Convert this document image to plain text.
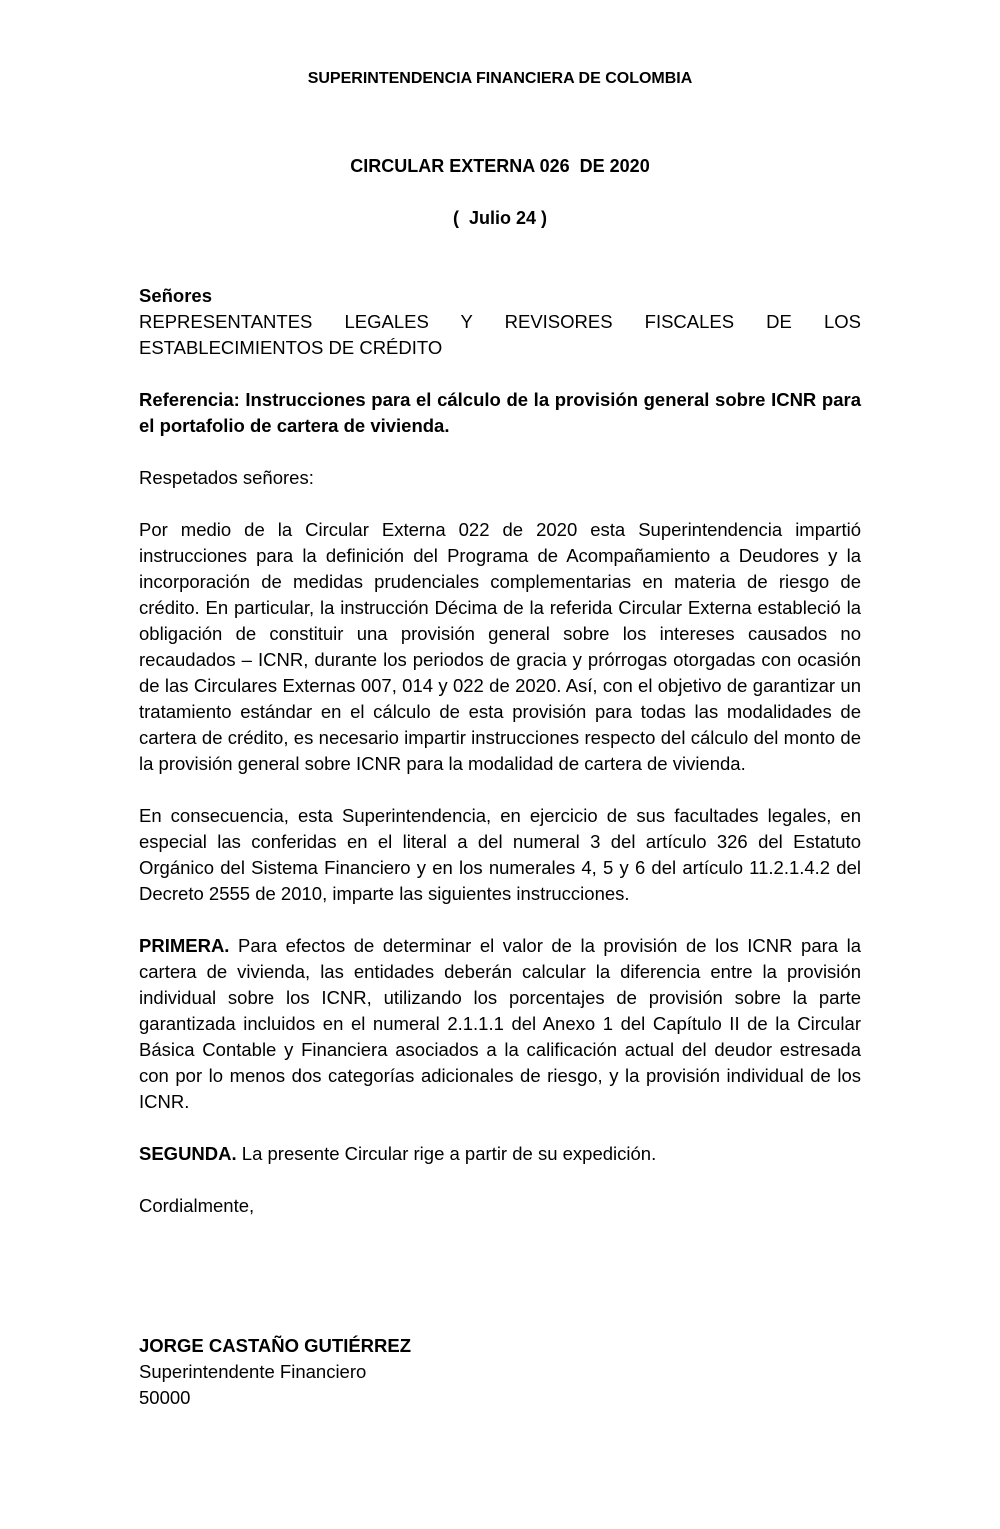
SUPERINTENDENCIA FINANCIERA DE COLOMBIA
CIRCULAR EXTERNA 026  DE 2020
(  Julio 24 )

Señores

REPRESENTANTES LEGALES Y REVISORES FISCALES DE LOS ESTABLECIMIENTOS DE CRÉDITO

Referencia: Instrucciones para el cálculo de la provisión general sobre ICNR para el portafolio de cartera de vivienda.

Respetados señores:

Por medio de la Circular Externa 022 de 2020 esta Superintendencia impartió instrucciones para la definición del Programa de Acompañamiento a Deudores y la incorporación de medidas prudenciales complementarias en materia de riesgo de crédito. En particular, la instrucción Décima de la referida Circular Externa estableció la obligación de constituir una provisión general sobre los intereses causados no recaudados – ICNR, durante los periodos de gracia y prórrogas otorgadas con ocasión de las Circulares Externas 007, 014 y 022 de 2020. Así, con el objetivo de garantizar un tratamiento estándar en el cálculo de esta provisión para todas las modalidades de cartera de crédito, es necesario impartir instrucciones respecto del cálculo del monto de la provisión general sobre ICNR para la modalidad de cartera de vivienda.

En consecuencia, esta Superintendencia, en ejercicio de sus facultades legales, en especial las conferidas en el literal a del numeral 3 del artículo 326 del Estatuto Orgánico del Sistema Financiero y en los numerales 4, 5 y 6 del artículo 11.2.1.4.2 del Decreto 2555 de 2010, imparte las siguientes instrucciones.

PRIMERA. Para efectos de determinar el valor de la provisión de los ICNR para la cartera de vivienda, las entidades deberán calcular la diferencia entre la provisión individual sobre los ICNR, utilizando los porcentajes de provisión sobre la parte garantizada incluidos en el numeral 2.1.1.1 del Anexo 1 del Capítulo II de la Circular Básica Contable y Financiera asociados a la calificación actual del deudor estresada con por lo menos dos categorías adicionales de riesgo, y la provisión individual de los ICNR.

SEGUNDA. La presente Circular rige a partir de su expedición.

Cordialmente,

JORGE CASTAÑO GUTIÉRREZ
Superintendente Financiero
50000
